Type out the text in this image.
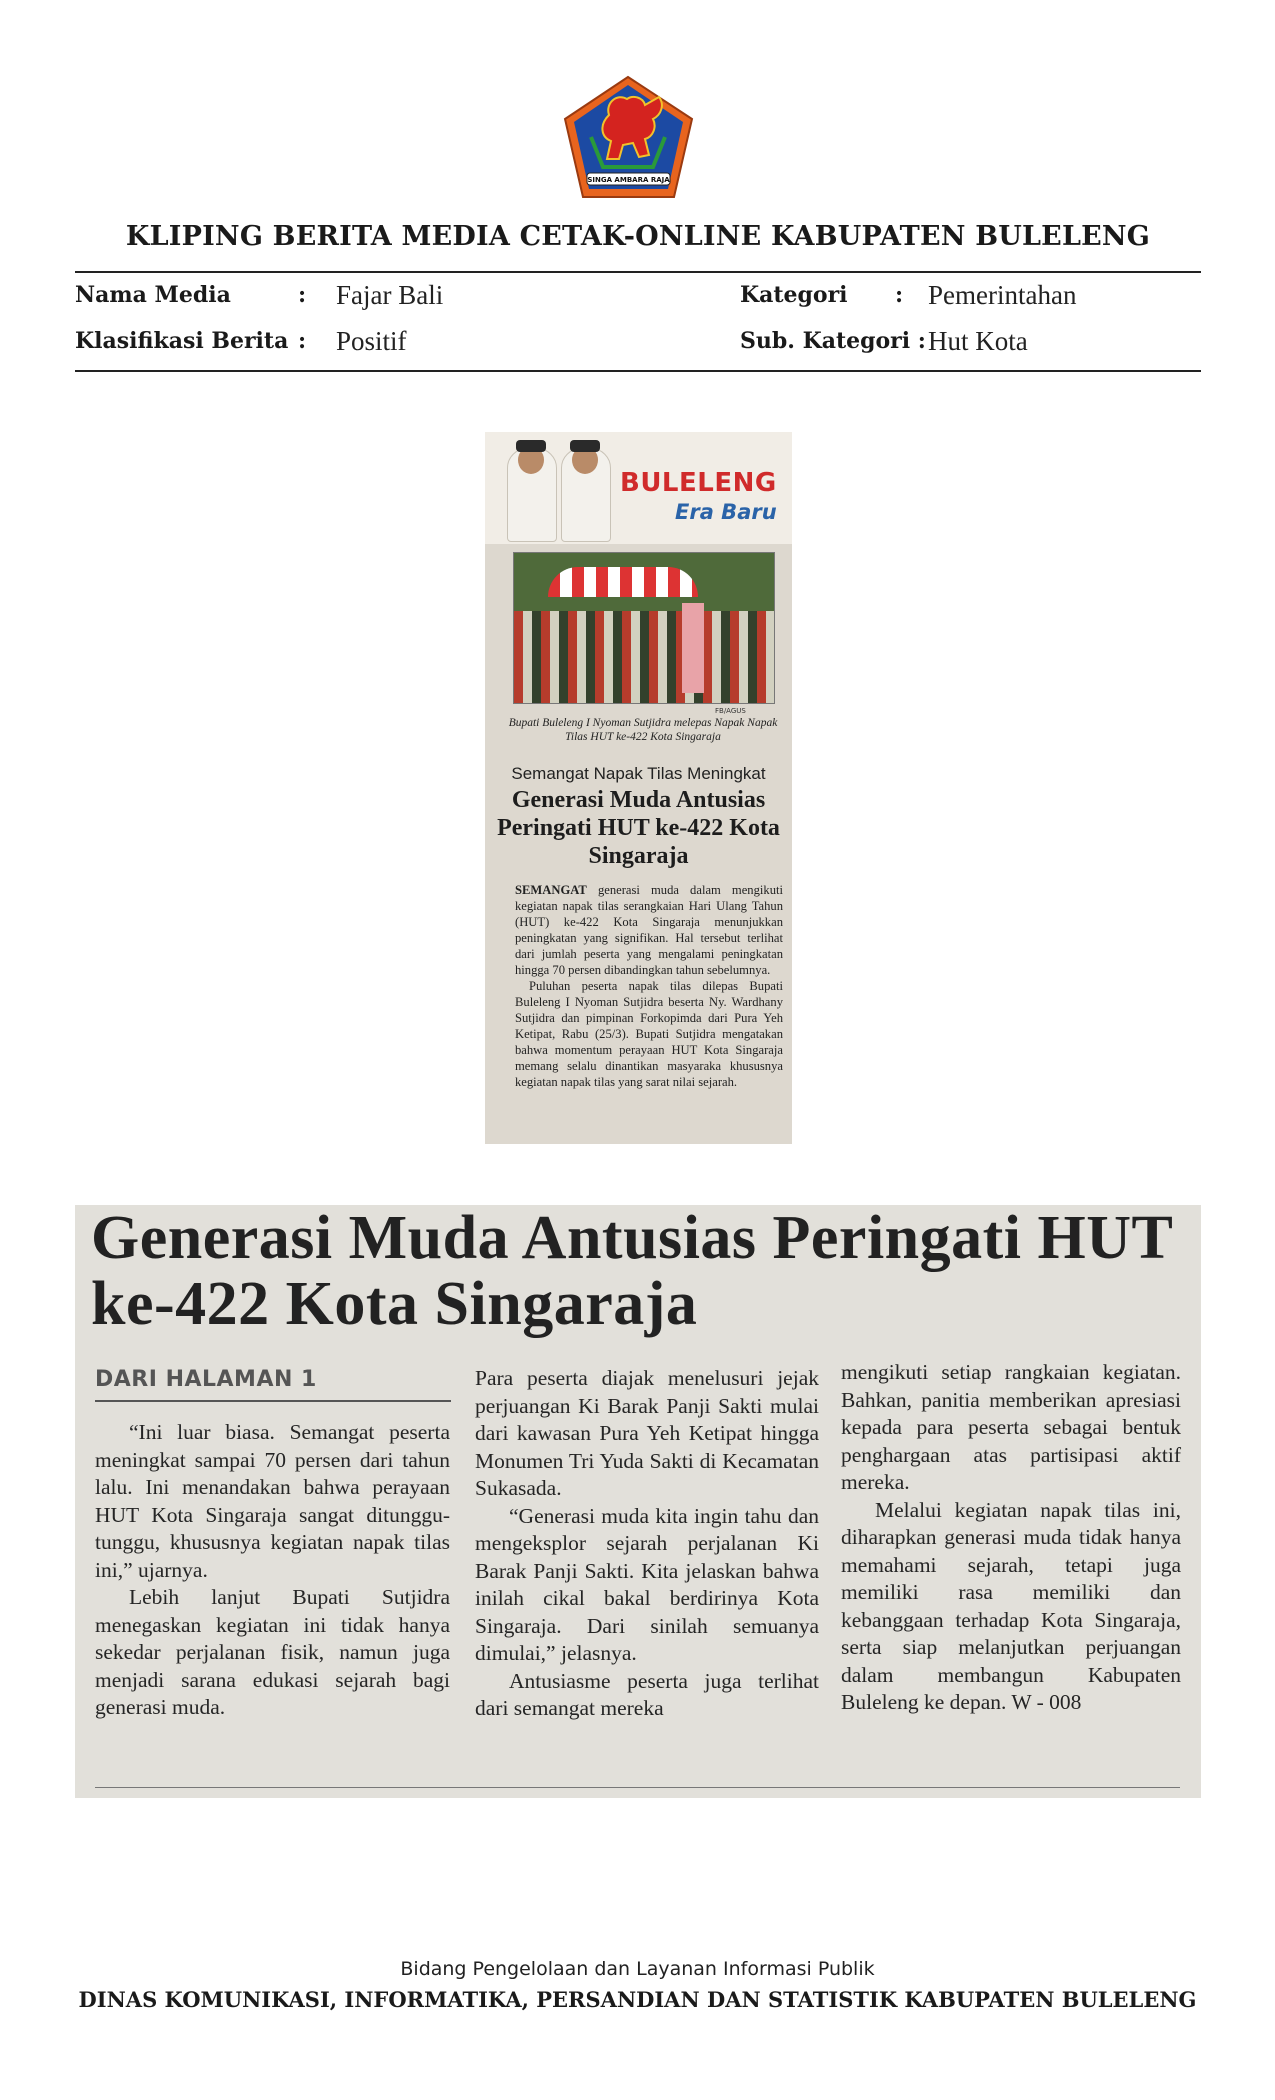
SINGA AMBARA RAJA
KLIPING BERITA MEDIA CETAK-ONLINE KABUPATEN BULELENG
Nama Media	: Fajar Bali	Kategori : Pemerintahan
Klasifikasi Berita : Positif	Sub. Kategori : Hut Kota
BULELENG
Era Baru
FB/AGUS
Bupati Buleleng I Nyoman Sutjidra melepas Napak Napak Tilas HUT ke-422 Kota Singaraja
Semangat Napak Tilas Meningkat
Generasi Muda Antusias Peringati HUT ke-422 Kota Singaraja

SEMANGAT generasi muda dalam mengikuti kegiatan napak tilas serangkaian Hari Ulang Tahun (HUT) ke-422 Kota Singaraja menunjukkan peningkatan yang signifikan. Hal tersebut terlihat dari jumlah peserta yang mengalami peningkatan hingga 70 persen dibandingkan tahun sebelumnya.

Puluhan peserta napak tilas dilepas Bupati Buleleng I Nyoman Sutjidra beserta Ny. Wardhany Sutjidra dan pimpinan Forkopimda dari Pura Yeh Ketipat, Rabu (25/3). Bupati Sutjidra mengatakan bahwa momentum perayaan HUT Kota Singaraja memang selalu dinantikan masyaraka khususnya kegiatan napak tilas yang sarat nilai sejarah.

Generasi Muda Antusias Peringati HUT ke-422 Kota Singaraja
DARI HALAMAN 1

“Ini luar biasa. Semangat peserta meningkat sampai 70 persen dari tahun lalu. Ini menandakan bahwa perayaan HUT Kota Singaraja sangat ditunggu-tunggu, khususnya kegiatan napak tilas ini,” ujarnya.

Lebih lanjut Bupati Sutjidra menegaskan kegiatan ini tidak hanya sekedar perjalanan fisik, namun juga menjadi sarana edukasi sejarah bagi generasi muda.

Para peserta diajak menelusuri jejak perjuangan Ki Barak Panji Sakti mulai dari kawasan Pura Yeh Ketipat hingga Monumen Tri Yuda Sakti di Kecamatan Sukasada.

“Generasi muda kita ingin tahu dan mengeksplor sejarah perjalanan Ki Barak Panji Sakti. Kita jelaskan bahwa inilah cikal bakal berdirinya Kota Singaraja. Dari sinilah semuanya dimulai,” jelasnya.

Antusiasme peserta juga terlihat dari semangat mereka

mengikuti setiap rangkaian kegiatan. Bahkan, panitia memberikan apresiasi kepada para peserta sebagai bentuk penghargaan atas partisipasi aktif mereka.

Melalui kegiatan napak tilas ini, diharapkan generasi muda tidak hanya memahami sejarah, tetapi juga memiliki rasa memiliki dan kebanggaan terhadap Kota Singaraja, serta siap melanjutkan perjuangan dalam membangun Kabupaten Buleleng ke depan. W - 008

Bidang Pengelolaan dan Layanan Informasi Publik
DINAS KOMUNIKASI, INFORMATIKA, PERSANDIAN DAN STATISTIK KABUPATEN BULELENG
